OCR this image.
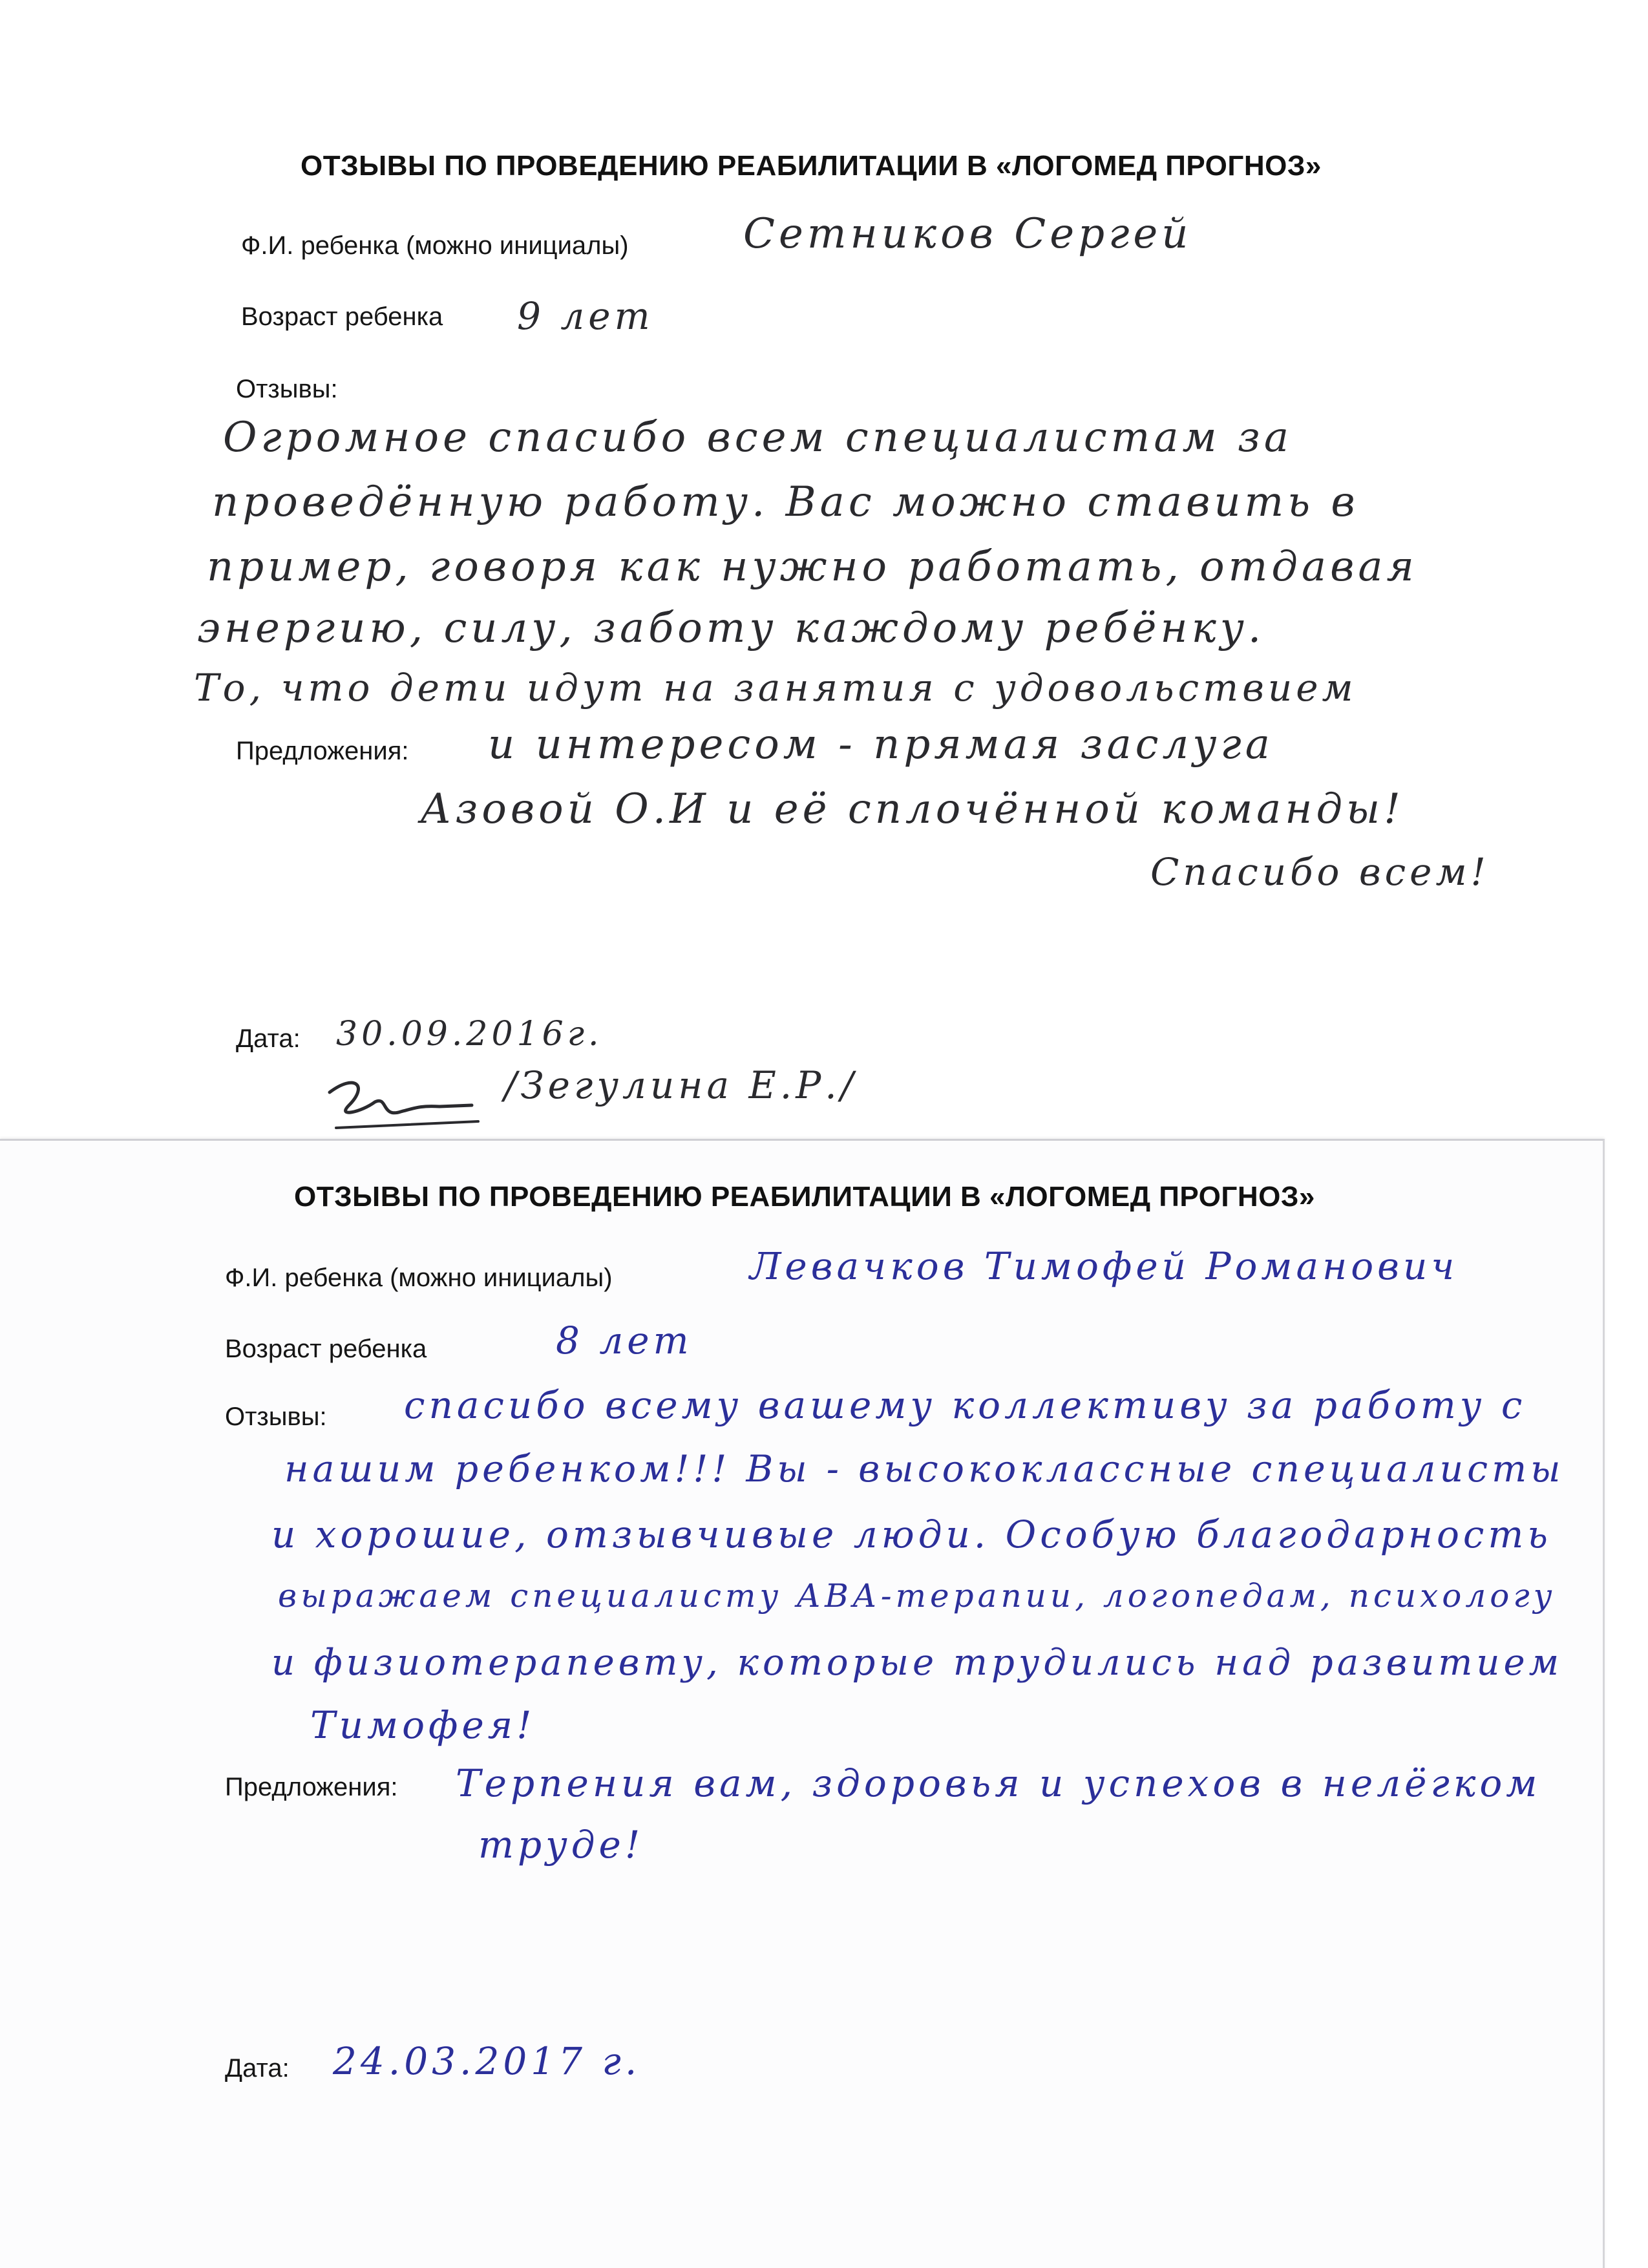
ОТЗЫВЫ ПО ПРОВЕДЕНИЮ РЕАБИЛИТАЦИИ В «ЛОГОМЕД ПРОГНОЗ»
Ф.И. ребенка (можно инициалы)	Сетников Сергей
Возраст ребенка 9 лет
Отзывы:
Огромное спасибо всем специалистам за
проведённую работу. Вас можно ставить в
пример, говоря как нужно работать, отдавая
энергию, силу, заботу каждому ребёнку.
То, что дети идут на занятия с удовольствием
Предложения: и интересом - прямая заслуга
Азовой О.И и её сплочённой команды!
Спасибо всем!
Дата: 30.09.2016г.
/Зегулина Е.Р./
ОТЗЫВЫ ПО ПРОВЕДЕНИЮ РЕАБИЛИТАЦИИ В «ЛОГОМЕД ПРОГНОЗ»
Ф.И. ребенка (можно инициалы)	Левачков Тимофей Романович
Возраст ребенка	8 лет
Отзывы: спасибо всему вашему коллективу за работу с
нашим ребенком!!! Вы - высококлассные специалисты
и хорошие, отзывчивые люди. Особую благодарность
выражаем специалисту АВА-терапии, логопедам, психологу
и физиотерапевту, которые трудились над развитием
Тимофея!
Предложения: Терпения вам, здоровья и успехов в нелёгком
труде!
Дата: 24.03.2017 г.
